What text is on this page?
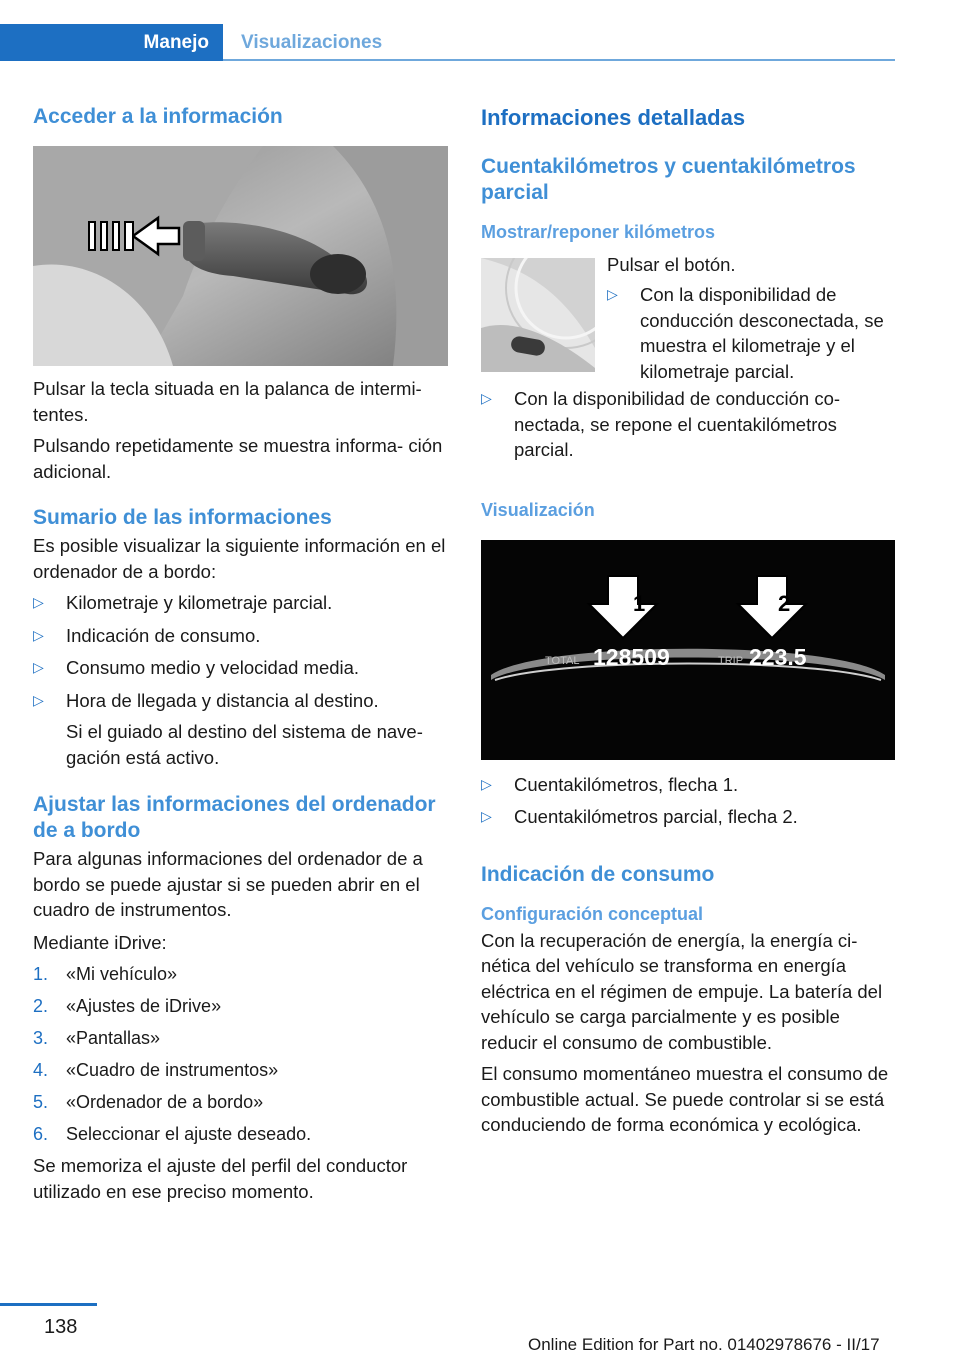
Manejo	Visualizaciones
Acceder a la información

Pulsar la tecla situada en la palanca de intermi‐ tentes.

Pulsando repetidamente se muestra informa‐ ción adicional.

Sumario de las informaciones

Es posible visualizar la siguiente información en el ordenador de a bordo:

▷ Kilometraje y kilometraje parcial.
▷ Indicación de consumo.
▷ Consumo medio y velocidad media.
▷ Hora de llegada y distancia al destino.
Si el guiado al destino del sistema de nave‐ gación está activo.
Ajustar las informaciones del ordenador de a bordo

Para algunas informaciones del ordenador de a bordo se puede ajustar si se pueden abrir en el cuadro de instrumentos.

Mediante iDrive:

1. «Mi vehículo»
2. «Ajustes de iDrive»
3. «Pantallas»
4. «Cuadro de instrumentos»
5. «Ordenador de a bordo»
6. Seleccionar el ajuste deseado.

Se memoriza el ajuste del perfil del conductor utilizado en ese preciso momento.

Informaciones detalladas
Cuentakilómetros y cuentakilómetros parcial
Mostrar/reponer kilómetros

Pulsar el botón.

▷ Con la disponibilidad de conducción desconectada, se muestra el kilometraje y el kilometraje parcial.
▷ Con la disponibilidad de conducción co‐ nectada, se repone el cuentakilómetros parcial.
Visualización
1	2
TOTAL 128509	TRIP 223.5
▷ Cuentakilómetros, flecha 1.
▷ Cuentakilómetros parcial, flecha 2.
Indicación de consumo
Configuración conceptual

Con la recuperación de energía, la energía ci‐ nética del vehículo se transforma en energía eléctrica en el régimen de empuje. La batería del vehículo se carga parcialmente y es posible reducir el consumo de combustible.

El consumo momentáneo muestra el consumo de combustible actual. Se puede controlar si se está conduciendo de forma económica y ecológica.

138
Online Edition for Part no. 01402978676 - II/17
